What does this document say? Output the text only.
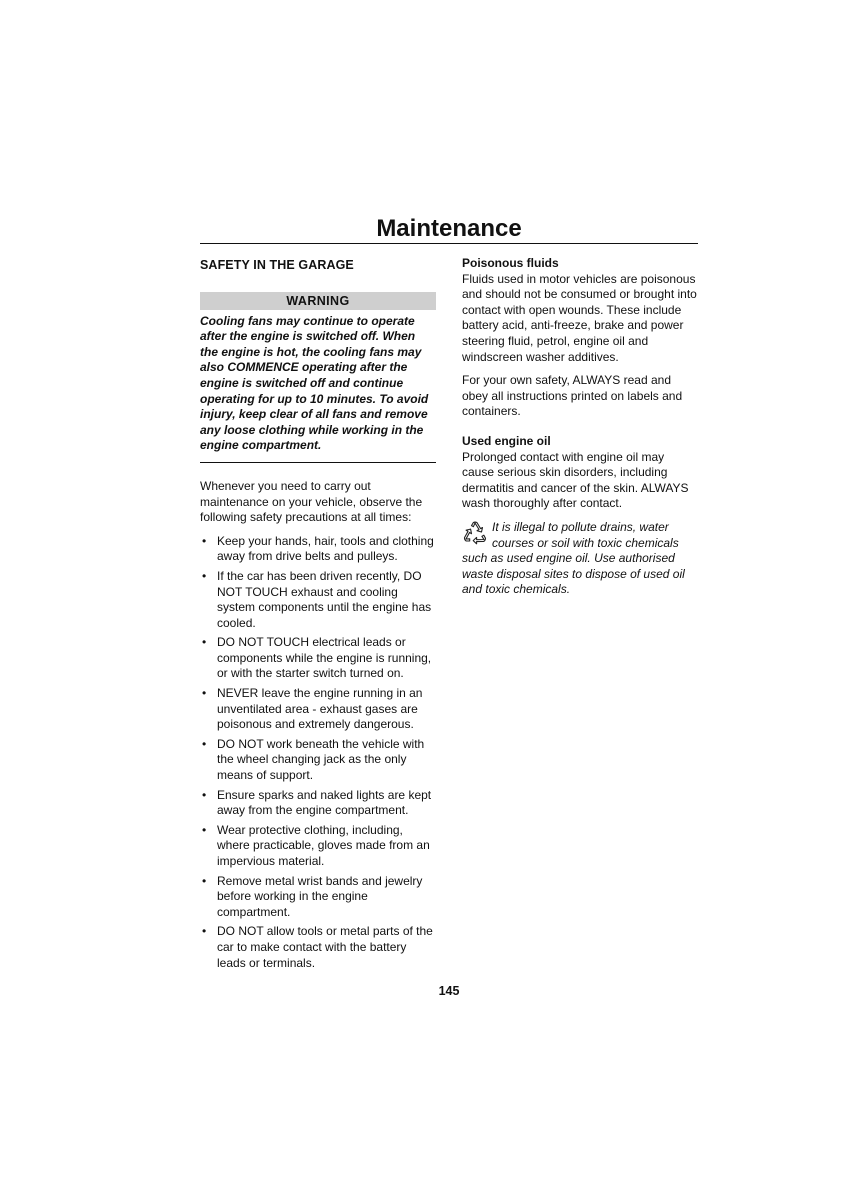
Maintenance
SAFETY IN THE GARAGE
WARNING
Cooling fans may continue to operate after the engine is switched off. When the engine is hot, the cooling fans may also COMMENCE operating after the engine is switched off and continue operating for up to 10 minutes. To avoid injury, keep clear of all fans and remove any loose clothing while working in the engine compartment.

Whenever you need to carry out maintenance on your vehicle, observe the following safety precautions at all times:

• Keep your hands, hair, tools and clothing away from drive belts and pulleys.
• If the car has been driven recently, DO NOT TOUCH exhaust and cooling system components until the engine has cooled.
• DO NOT TOUCH electrical leads or components while the engine is running, or with the starter switch turned on.
• NEVER leave the engine running in an unventilated area - exhaust gases are poisonous and extremely dangerous.
• DO NOT work beneath the vehicle with the wheel changing jack as the only means of support.
• Ensure sparks and naked lights are kept away from the engine compartment.
• Wear protective clothing, including, where practicable, gloves made from an impervious material.
• Remove metal wrist bands and jewelry before working in the engine compartment.
• DO NOT allow tools or metal parts of the car to make contact with the battery leads or terminals.
Poisonous fluids

Fluids used in motor vehicles are poisonous and should not be consumed or brought into contact with open wounds. These include battery acid, anti-freeze, brake and power steering fluid, petrol, engine oil and windscreen washer additives.

For your own safety, ALWAYS read and obey all instructions printed on labels and containers.

Used engine oil

Prolonged contact with engine oil may cause serious skin disorders, including dermatitis and cancer of the skin. ALWAYS wash thoroughly after contact.

It is illegal to pollute drains, water courses or soil with toxic chemicals such as used engine oil. Use authorised waste disposal sites to dispose of used oil and toxic chemicals.
145
